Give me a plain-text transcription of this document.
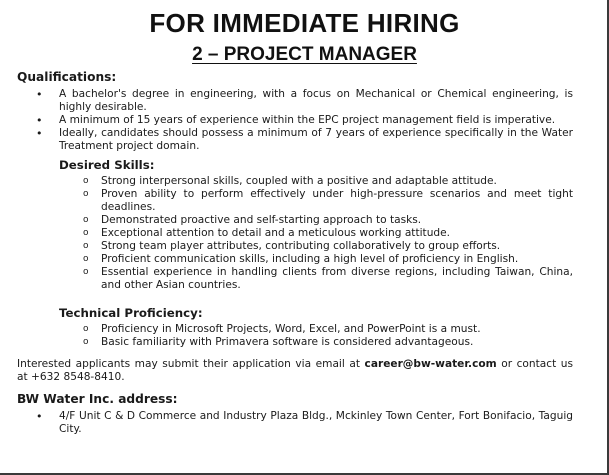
FOR IMMEDIATE HIRING
2 – PROJECT MANAGER
Qualifications:
• A bachelor's degree in engineering, with a focus on Mechanical or Chemical engineering, is highly desirable.
• A minimum of 15 years of experience within the EPC project management field is imperative.
• Ideally, candidates should possess a minimum of 7 years of experience specifically in the Water Treatment project domain.
Desired Skills:
o Strong interpersonal skills, coupled with a positive and adaptable attitude.
o Proven ability to perform effectively under high-pressure scenarios and meet tight deadlines.
o Demonstrated proactive and self-starting approach to tasks.
o Exceptional attention to detail and a meticulous working attitude.
o Strong team player attributes, contributing collaboratively to group efforts.
o Proficient communication skills, including a high level of proficiency in English.
o Essential experience in handling clients from diverse regions, including Taiwan, China, and other Asian countries.
Technical Proficiency:
o Proficiency in Microsoft Projects, Word, Excel, and PowerPoint is a must.
o Basic familiarity with Primavera software is considered advantageous.
Interested applicants may submit their application via email at career@bw-water.com or contact us at +632 8548-8410.
BW Water Inc. address:
• 4/F Unit C & D Commerce and Industry Plaza Bldg., Mckinley Town Center, Fort Bonifacio, Taguig City.
